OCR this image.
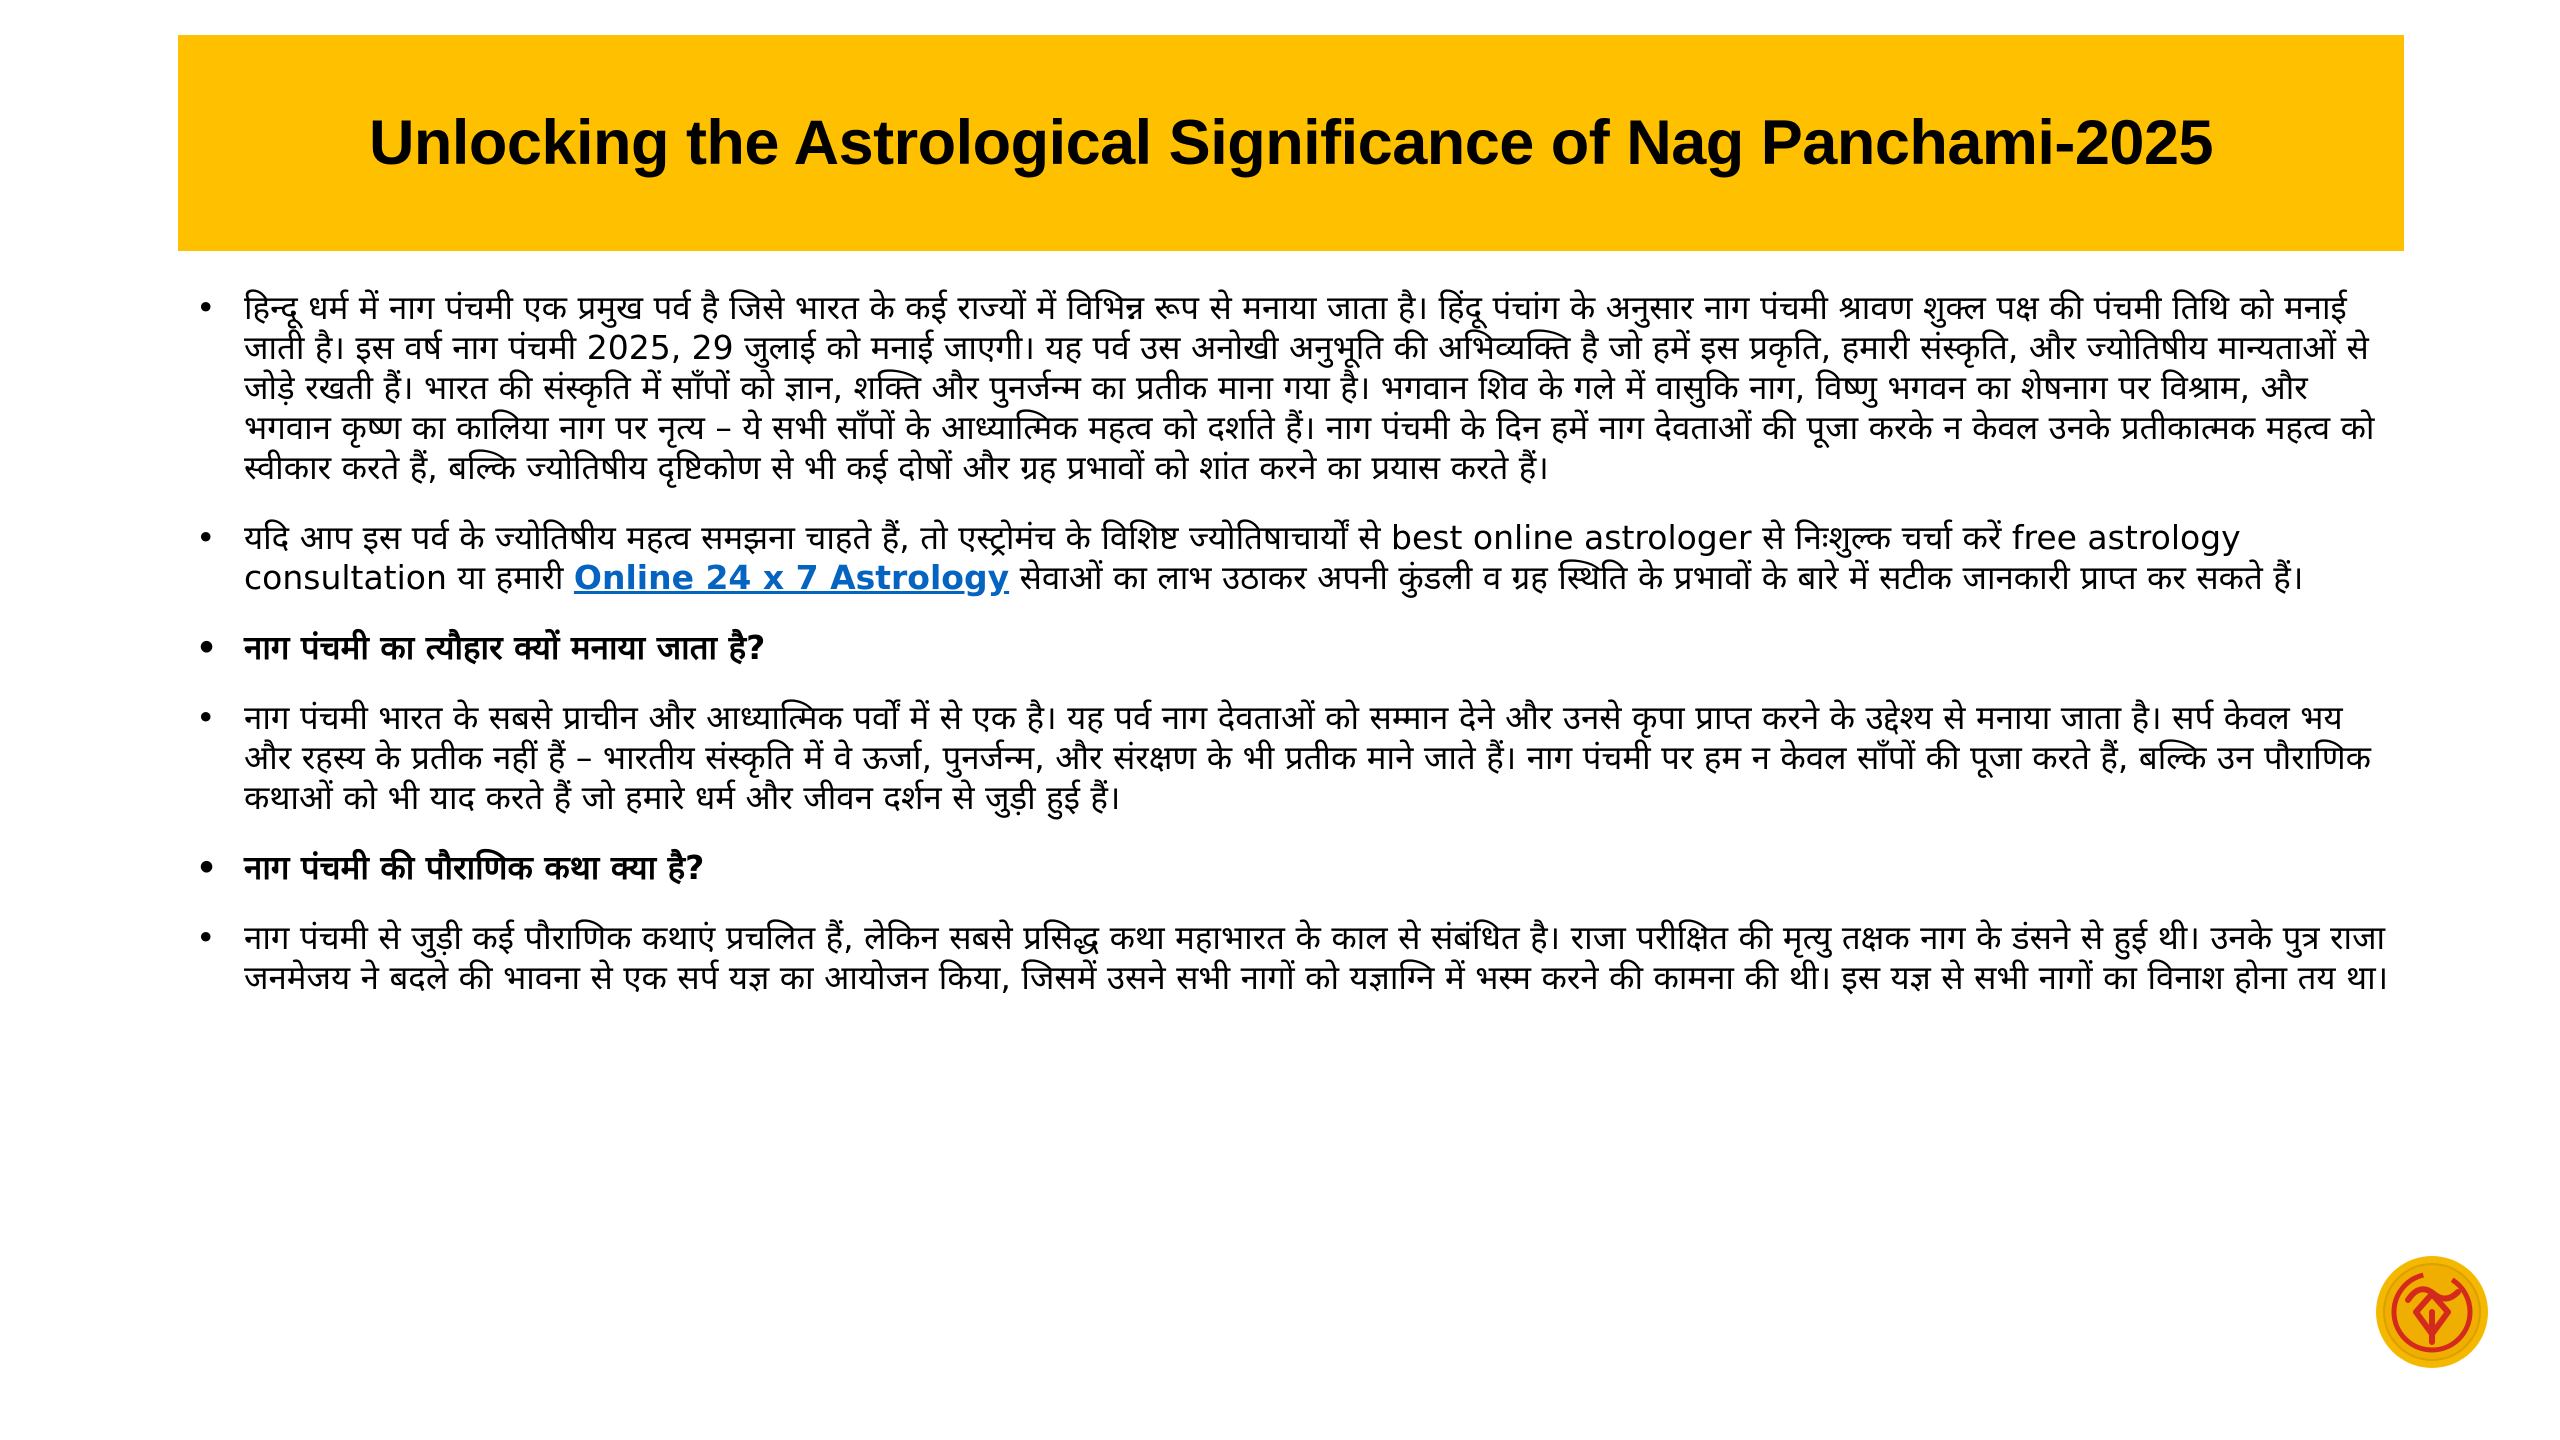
Unlocking the Astrological Significance of Nag Panchami-2025
• हिन्दू धर्म में नाग पंचमी एक प्रमुख पर्व है जिसे भारत के कई राज्यों में विभिन्न रूप से मनाया जाता है। हिंदू पंचांग के अनुसार नाग पंचमी श्रावण शुक्ल पक्ष की पंचमी तिथि को मनाई जाती है। इस वर्ष नाग पंचमी 2025, 29 जुलाई को मनाई जाएगी। यह पर्व उस अनोखी अनुभूति की अभिव्यक्ति है जो हमें इस प्रकृति, हमारी संस्कृति, और ज्योतिषीय मान्यताओं से जोड़े रखती हैं। भारत की संस्कृति में साँपों को ज्ञान, शक्ति और पुनर्जन्म का प्रतीक माना गया है। भगवान शिव के गले में वासुकि नाग, विष्णु भगवन का शेषनाग पर विश्राम, और भगवान कृष्ण का कालिया नाग पर नृत्य – ये सभी साँपों के आध्यात्मिक महत्व को दर्शाते हैं। नाग पंचमी के दिन हमें नाग देवताओं की पूजा करके न केवल उनके प्रतीकात्मक महत्व को स्वीकार करते हैं, बल्कि ज्योतिषीय दृष्टिकोण से भी कई दोषों और ग्रह प्रभावों को शांत करने का प्रयास करते हैं।
• यदि आप इस पर्व के ज्योतिषीय महत्व समझना चाहते हैं, तो एस्ट्रोमंच के विशिष्ट ज्योतिषाचार्यों से best online astrologer से निःशुल्क चर्चा करें free astrology consultation या हमारी Online 24 x 7 Astrology सेवाओं का लाभ उठाकर अपनी कुंडली व ग्रह स्थिति के प्रभावों के बारे में सटीक जानकारी प्राप्त कर सकते हैं।
• नाग पंचमी का त्यौहार क्यों मनाया जाता है?
• नाग पंचमी भारत के सबसे प्राचीन और आध्यात्मिक पर्वों में से एक है। यह पर्व नाग देवताओं को सम्मान देने और उनसे कृपा प्राप्त करने के उद्देश्य से मनाया जाता है। सर्प केवल भय और रहस्य के प्रतीक नहीं हैं – भारतीय संस्कृति में वे ऊर्जा, पुनर्जन्म, और संरक्षण के भी प्रतीक माने जाते हैं। नाग पंचमी पर हम न केवल साँपों की पूजा करते हैं, बल्कि उन पौराणिक कथाओं को भी याद करते हैं जो हमारे धर्म और जीवन दर्शन से जुड़ी हुई हैं।
• नाग पंचमी की पौराणिक कथा क्या है?
• नाग पंचमी से जुड़ी कई पौराणिक कथाएं प्रचलित हैं, लेकिन सबसे प्रसिद्ध कथा महाभारत के काल से संबंधित है। राजा परीक्षित की मृत्यु तक्षक नाग के डंसने से हुई थी। उनके पुत्र राजा जनमेजय ने बदले की भावना से एक सर्प यज्ञ का आयोजन किया, जिसमें उसने सभी नागों को यज्ञाग्नि में भस्म करने की कामना की थी। इस यज्ञ से सभी नागों का विनाश होना तय था।
